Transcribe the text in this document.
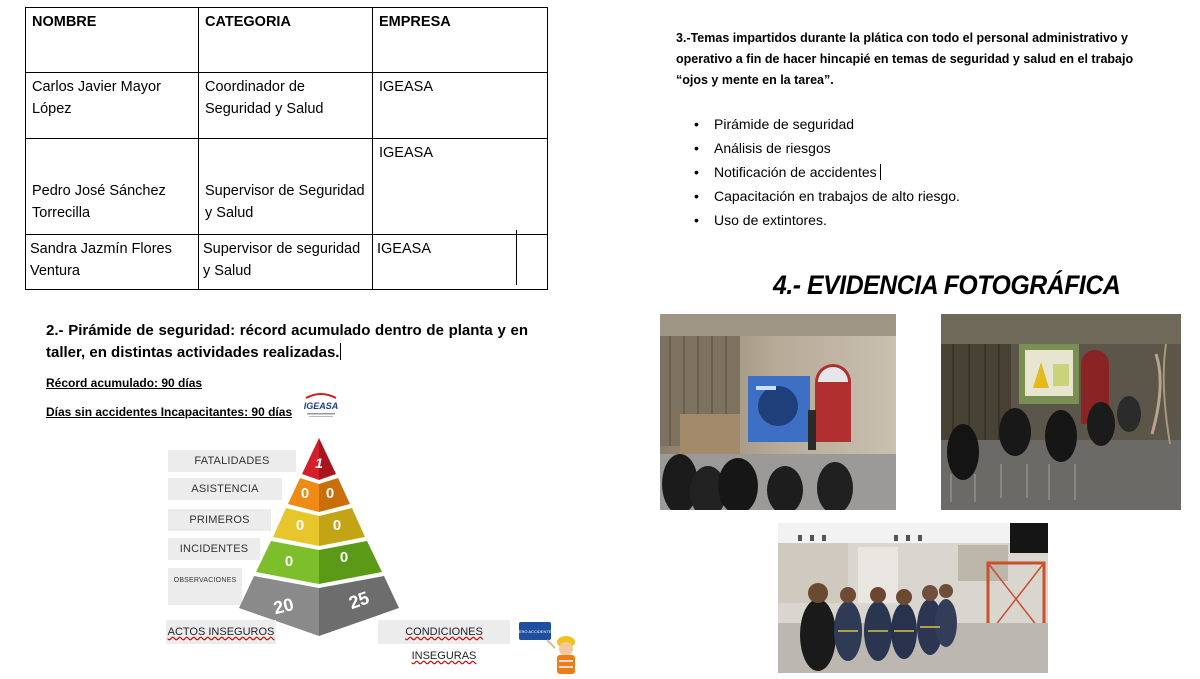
NOMBRE	CATEGORIA	EMPRESA
Carlos Javier Mayor López	Coordinador de Seguridad y Salud	IGEASA
Pedro José Sánchez Torrecilla	Supervisor de Seguridad y Salud	IGEASA
Sandra Jazmín Flores Ventura	Supervisor de seguridad y Salud	IGEASA
2.- Pirámide de seguridad: récord acumulado dentro de planta y en taller, en distintas actividades realizadas.
Récord acumulado: 90 días
Días sin accidentes Incapacitantes: 90 días IGEASA
FATALIDADES
ASISTENCIA
PRIMEROS
INCIDENTES
OBSERVACIONES
1
0 0
0 0
0	0
20	25
ACTOS INSEGUROS	CONDICIONES INSEGURAS
CERO ACCIDENTES
3.-Temas impartidos durante la plática con todo el personal administrativo y operativo a fin de hacer hincapié en temas de seguridad y salud en el trabajo “ojos y mente en la tarea”.
• Pirámide de seguridad
• Análisis de riesgos
• Notificación de accidentes
• Capacitación en trabajos de alto riesgo.
• Uso de extintores.
4.- EVIDENCIA FOTOGRÁFICA
